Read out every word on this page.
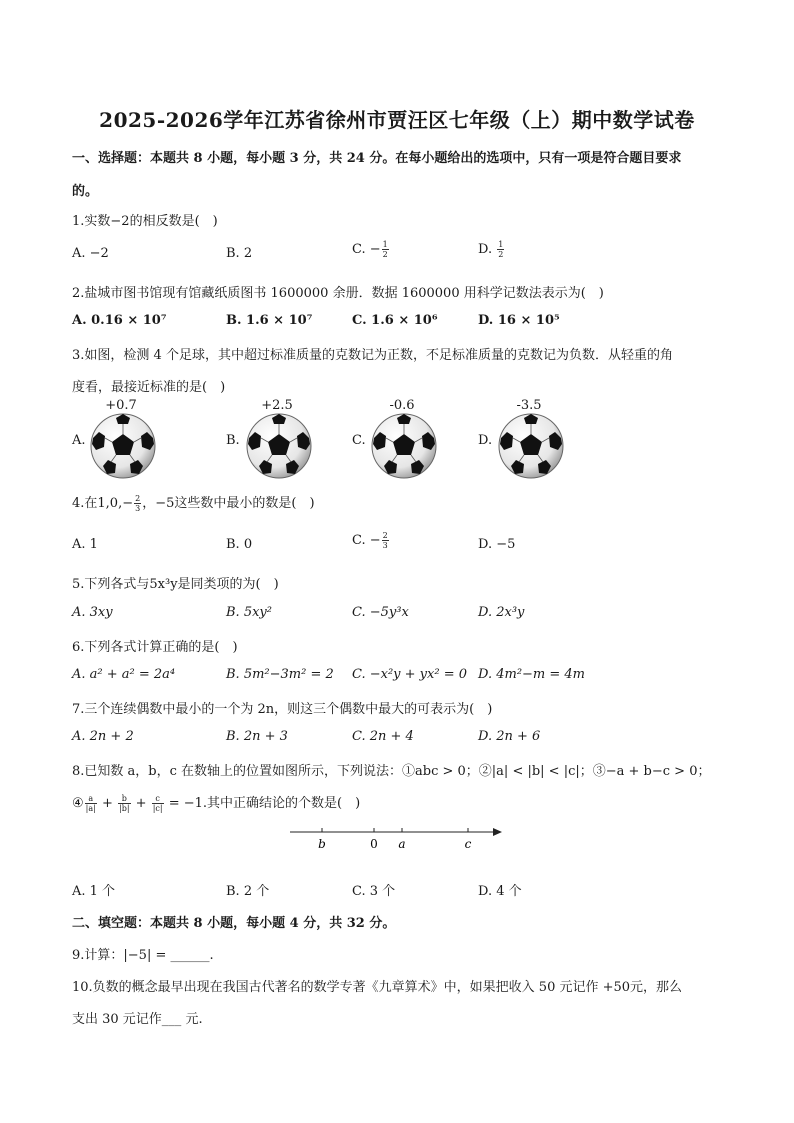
2025-2026学年江苏省徐州市贾汪区七年级（上）期中数学试卷
一、选择题：本题共 8 小题，每小题 3 分，共 24 分。在每小题给出的选项中，只有一项是符合题目要求
的。
1.实数−2的相反数是(　)
A. −2	B. 2	C. − $\frac{1}{2}$	D. $\frac{1}{2}$
2.盐城市图书馆现有馆藏纸质图书 1600000 余册．数据 1600000 用科学记数法表示为(　)
A. 0.16 × 10⁷	B. 1.6 × 10⁷	C. 1.6 × 10⁶	D. 16 × 10⁵
3.如图，检测 4 个足球，其中超过标准质量的克数记为正数，不足标准质量的克数记为负数．从轻重的角
度看，最接近标准的是(　)
A.
+0.7
B.
+2.5
C.
-0.6
D.
-3.5
4.在$1,0,- \frac{2}{3}$ ，−5这些数中最小的数是(　)
A. 1	B. 0	C. − $\frac{2}{3}$	D. −5
5.下列各式与5x³y是同类项的为(　)
A. 3xy	B. 5xy²	C. −5y³x	D. 2x³y
6.下列各式计算正确的是(　)
A. a² + a² = 2a⁴	B. 5m²−3m² = 2 C. −x²y + yx² = 0 D. 4m²−m = 4m
7.三个连续偶数中最小的一个为 2n，则这三个偶数中最大的可表示为(　)
A. 2n + 2	B. 2n + 3	C. 2n + 4	D. 2n + 6
8.已知数 a，b，c 在数轴上的位置如图所示，下列说法：①abc > 0；②|a| < |b| < |c|；③−a + b−c > 0；
④ $\frac{a}{|a|} + \frac{b}{|b|} + \frac{c}{|c|} = -1$.其中正确结论的个数是(　)
b	0 a	c
A. 1 个	B. 2 个	C. 3 个	D. 4 个
二、填空题：本题共 8 小题，每小题 4 分，共 32 分。
9.计算：|−5| = ______.
10.负数的概念最早出现在我国古代著名的数学专著《九章算术》中，如果把收入 50 元记作 +50元，那么
支出 30 元记作___ 元.
